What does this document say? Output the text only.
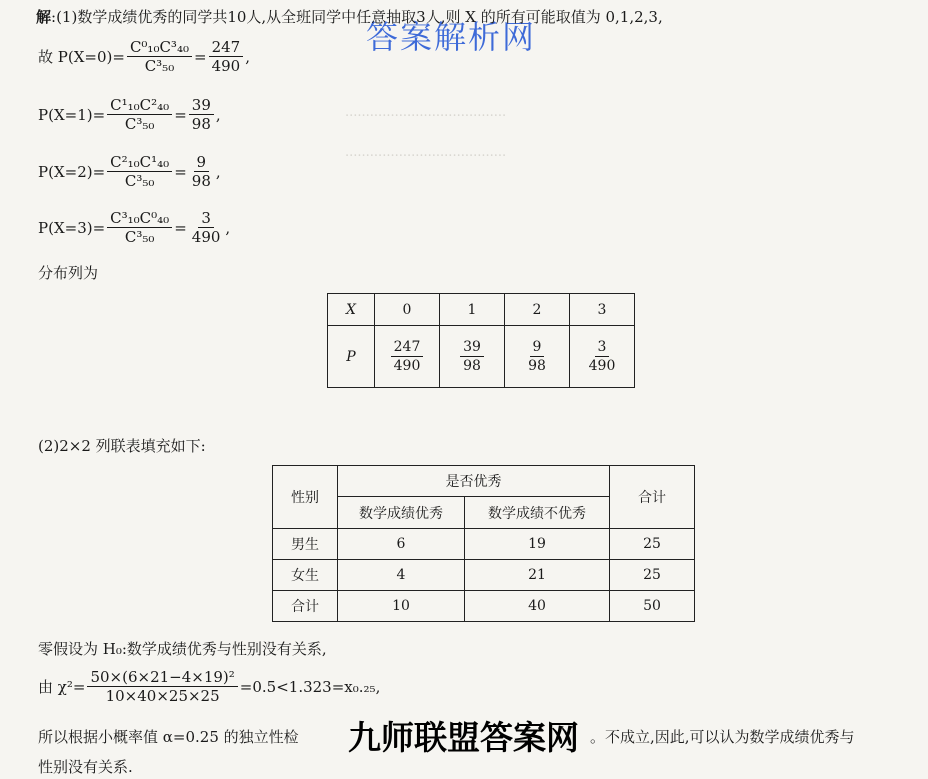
.......................................
.......................................
答案解析网
解:(1)数学成绩优秀的同学共10人,从全班同学中任意抽取3人,则 X 的所有可能取值为 0,1,2,3,
故 $P(X=0)= \frac{\text{C⁰₁₀C³₄₀}}{\text{C³₅₀}} = \frac{247}{490}$ ,
$P(X=1)= \frac{\text{C¹₁₀C²₄₀}}{\text{C³₅₀}} = \frac{39}{98}$ ,
$P(X=2)= \frac{\text{C²₁₀C¹₄₀}}{\text{C³₅₀}} = \frac{9}{98}$ ,
$P(X=3)= \frac{\text{C³₁₀C⁰₄₀}}{\text{C³₅₀}} = \frac{3}{490}$ ,
分布列为
X	0	1	2	3
P	$\frac{247}{490}$	$\frac{39}{98}$	$\frac{9}{98}$	$\frac{3}{490}$
(2)2×2 列联表填充如下:
性别	是否优秀		合计
	数学成绩优秀	数学成绩不优秀	
男生	6	19	25
女生	4	21	25
合计	10	40	50
零假设为 H₀:数学成绩优秀与性别没有关系,
由 $\chi^2= \frac{\text{50×(6×21−4×19)²}}{10\times 40\times 25\times 25} =0.5<1.323=x_0._{25}$,
所以根据小概率值 α=0.25 的独立性检	。不成立,因此,可以认为数学成绩优秀与
性别没有关系.
九师联盟答案网
